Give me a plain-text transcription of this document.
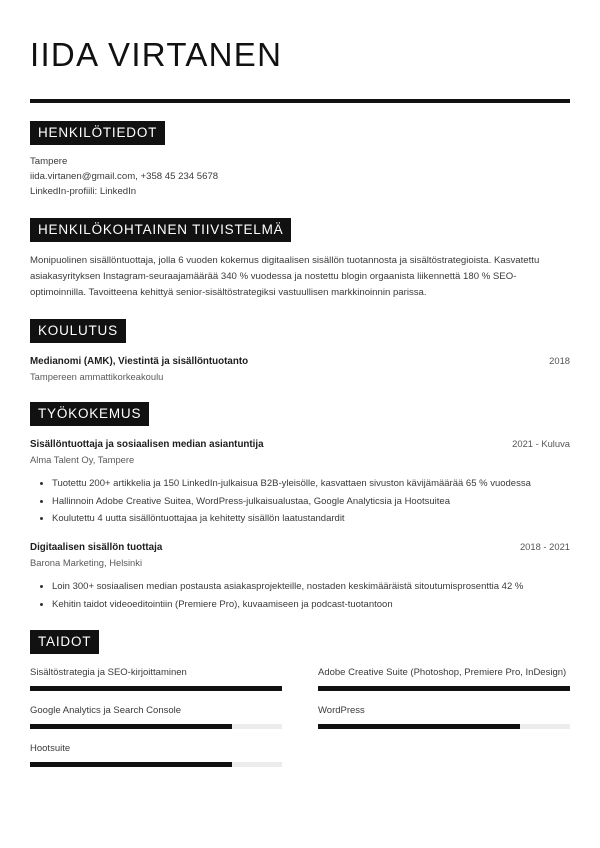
IIDA VIRTANEN
HENKILÖTIEDOT
Tampere
iida.virtanen@gmail.com, +358 45 234 5678
LinkedIn-profiili: LinkedIn
HENKILÖKOHTAINEN TIIVISTELMÄ

Monipuolinen sisällöntuottaja, jolla 6 vuoden kokemus digitaalisen sisällön tuotannosta ja sisältöstrategioista. Kasvatettu asiakasyrityksen Instagram-seuraajamäärää 340 % vuodessa ja nostettu blogin orgaanista liikennettä 180 % SEO-optimoinnilla. Tavoitteena kehittyä senior-sisältöstrategiksi vastuullisen markkinoinnin parissa.

KOULUTUS
Medianomi (AMK), Viestintä ja sisällöntuotanto	2018
Tampereen ammattikorkeakoulu
TYÖKOKEMUS
Sisällöntuottaja ja sosiaalisen median asiantuntija	2021 - Kuluva
Alma Talent Oy, Tampere
Tuotettu 200+ artikkelia ja 150 LinkedIn-julkaisua B2B-yleisölle, kasvattaen sivuston kävijämäärää 65 % vuodessa
Hallinnoin Adobe Creative Suitea, WordPress-julkaisualustaa, Google Analyticsia ja Hootsuitea
Koulutettu 4 uutta sisällöntuottajaa ja kehitetty sisällön laatustandardit
Digitaalisen sisällön tuottaja	2018 - 2021
Barona Marketing, Helsinki
Loin 300+ sosiaalisen median postausta asiakasprojekteille, nostaden keskimääräistä sitoutumisprosenttia 42 %
Kehitin taidot videoeditointiin (Premiere Pro), kuvaamiseen ja podcast-tuotantoon
TAIDOT
Sisältöstrategia ja SEO-kirjoittaminen
Google Analytics ja Search Console
Hootsuite
Adobe Creative Suite (Photoshop, Premiere Pro, InDesign)
WordPress
